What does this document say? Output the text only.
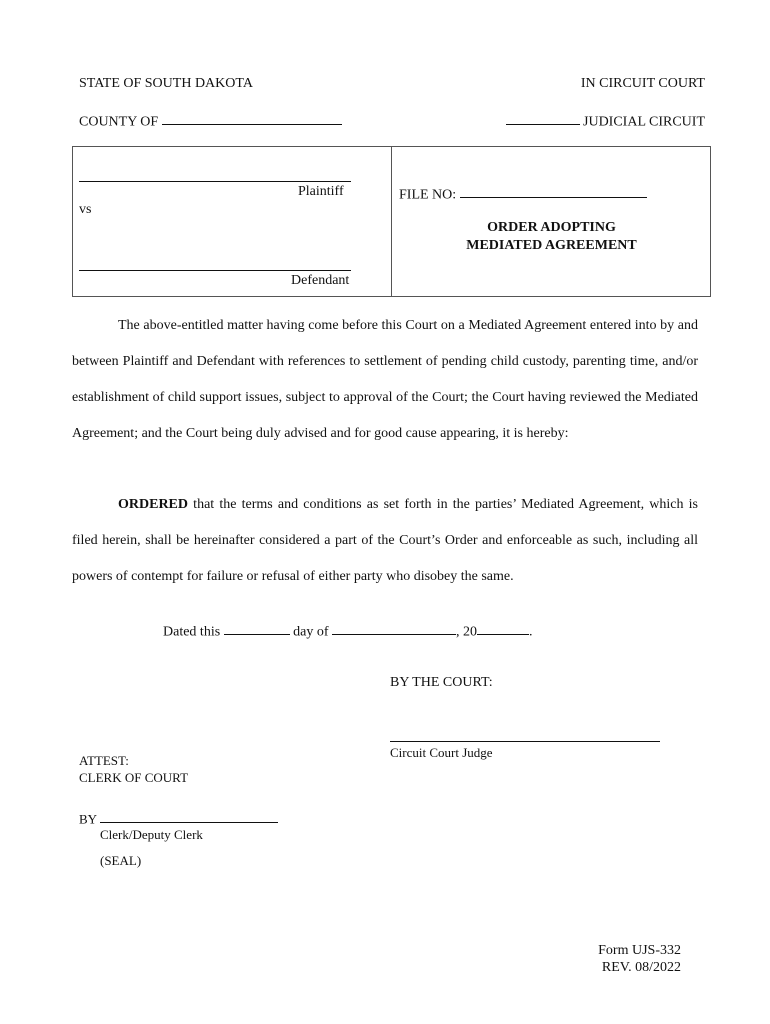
STATE OF SOUTH DAKOTA	IN CIRCUIT COURT
COUNTY OF	JUDICIAL CIRCUIT
Plaintiff
vs
Defendant
FILE NO:
ORDER ADOPTING
MEDIATED AGREEMENT
The above-entitled matter having come before this Court on a Mediated Agreement entered into by and between Plaintiff and Defendant with references to settlement of pending child custody, parenting time, and/or establishment of child support issues, subject to approval of the Court; the Court having reviewed the Mediated Agreement; and the Court being duly advised and for good cause appearing, it is hereby:
ORDERED that the terms and conditions as set forth in the parties’ Mediated Agreement, which is filed herein, shall be hereinafter considered a part of the Court’s Order and enforceable as such, including all powers of contempt for failure or refusal of either party who disobey the same.
Dated this	day of	, 20	.
BY THE COURT:
Circuit Court Judge
ATTEST:
CLERK OF COURT
BY
Clerk/Deputy Clerk
(SEAL)
Form UJS-332
REV. 08/2022
